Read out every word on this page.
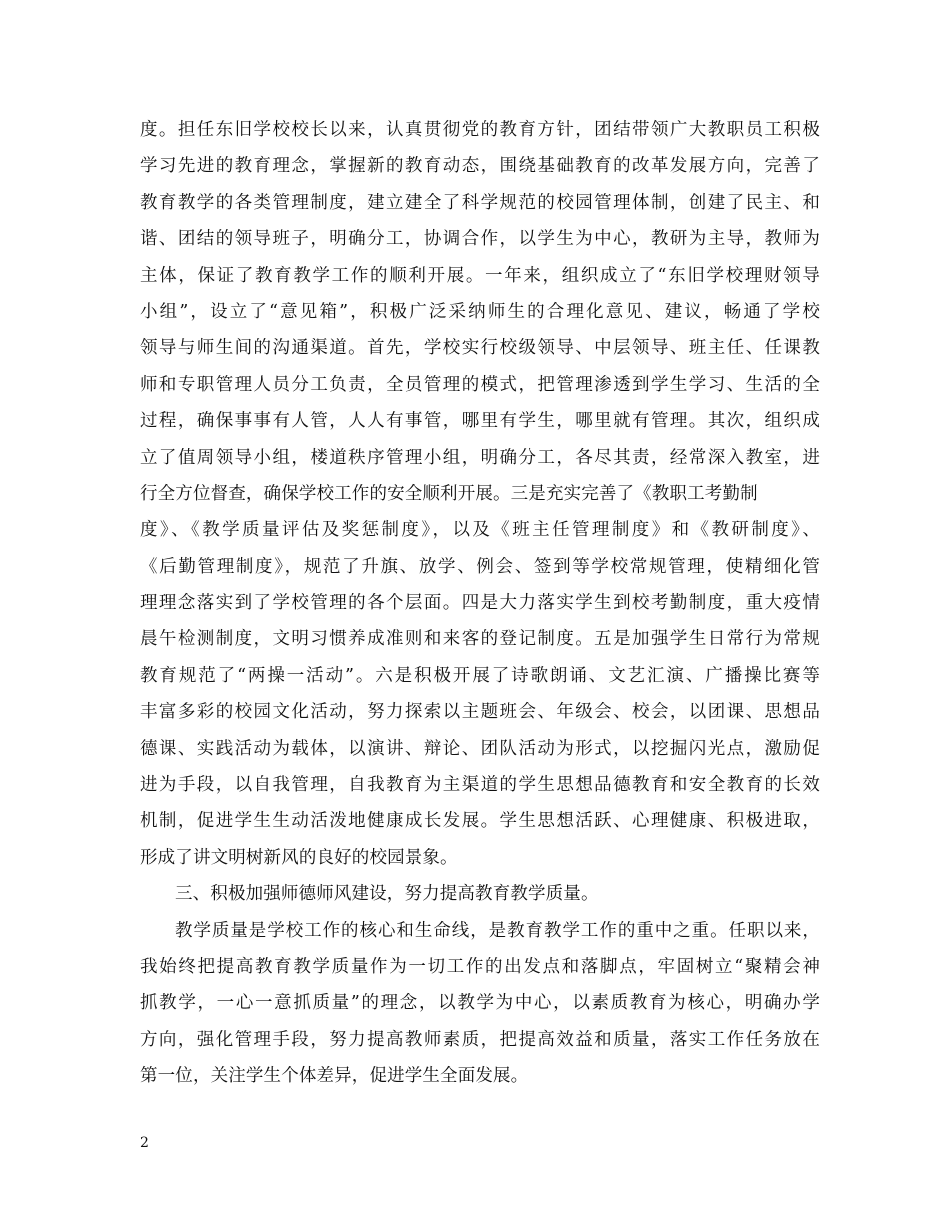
度。担任东旧学校校长以来，认真贯彻党的教育方针，团结带领广大教职员工积极
学习先进的教育理念，掌握新的教育动态，围绕基础教育的改革发展方向，完善了
教育教学的各类管理制度，建立建全了科学规范的校园管理体制，创建了民主、和
谐、团结的领导班子，明确分工，协调合作，以学生为中心，教研为主导，教师为
主体，保证了教育教学工作的顺利开展。一年来，组织成立了“东旧学校理财领导
小组”，设立了“意见箱”，积极广泛采纳师生的合理化意见、建议，畅通了学校
领导与师生间的沟通渠道。首先，学校实行校级领导、中层领导、班主任、任课教
师和专职管理人员分工负责，全员管理的模式，把管理渗透到学生学习、生活的全
过程，确保事事有人管，人人有事管，哪里有学生，哪里就有管理。其次，组织成
立了值周领导小组，楼道秩序管理小组，明确分工，各尽其责，经常深入教室，进
行全方位督查，确保学校工作的安全顺利开展。三是充实完善了《教职工考勤制
度》、《教学质量评估及奖惩制度》，以及《班主任管理制度》和《教研制度》、
《后勤管理制度》，规范了升旗、放学、例会、签到等学校常规管理，使精细化管
理理念落实到了学校管理的各个层面。四是大力落实学生到校考勤制度，重大疫情
晨午检测制度，文明习惯养成准则和来客的登记制度。五是加强学生日常行为常规
教育规范了“两操一活动”。六是积极开展了诗歌朗诵、文艺汇演、广播操比赛等
丰富多彩的校园文化活动，努力探索以主题班会、年级会、校会，以团课、思想品
德课、实践活动为载体，以演讲、辩论、团队活动为形式，以挖掘闪光点，激励促
进为手段，以自我管理，自我教育为主渠道的学生思想品德教育和安全教育的长效
机制，促进学生生动活泼地健康成长发展。学生思想活跃、心理健康、积极进取，
形成了讲文明树新风的良好的校园景象。
三、积极加强师德师风建设，努力提高教育教学质量。
教学质量是学校工作的核心和生命线，是教育教学工作的重中之重。任职以来，
我始终把提高教育教学质量作为一切工作的出发点和落脚点，牢固树立“聚精会神
抓教学，一心一意抓质量”的理念，以教学为中心，以素质教育为核心，明确办学
方向，强化管理手段，努力提高教师素质，把提高效益和质量，落实工作任务放在
第一位，关注学生个体差异，促进学生全面发展。
2
